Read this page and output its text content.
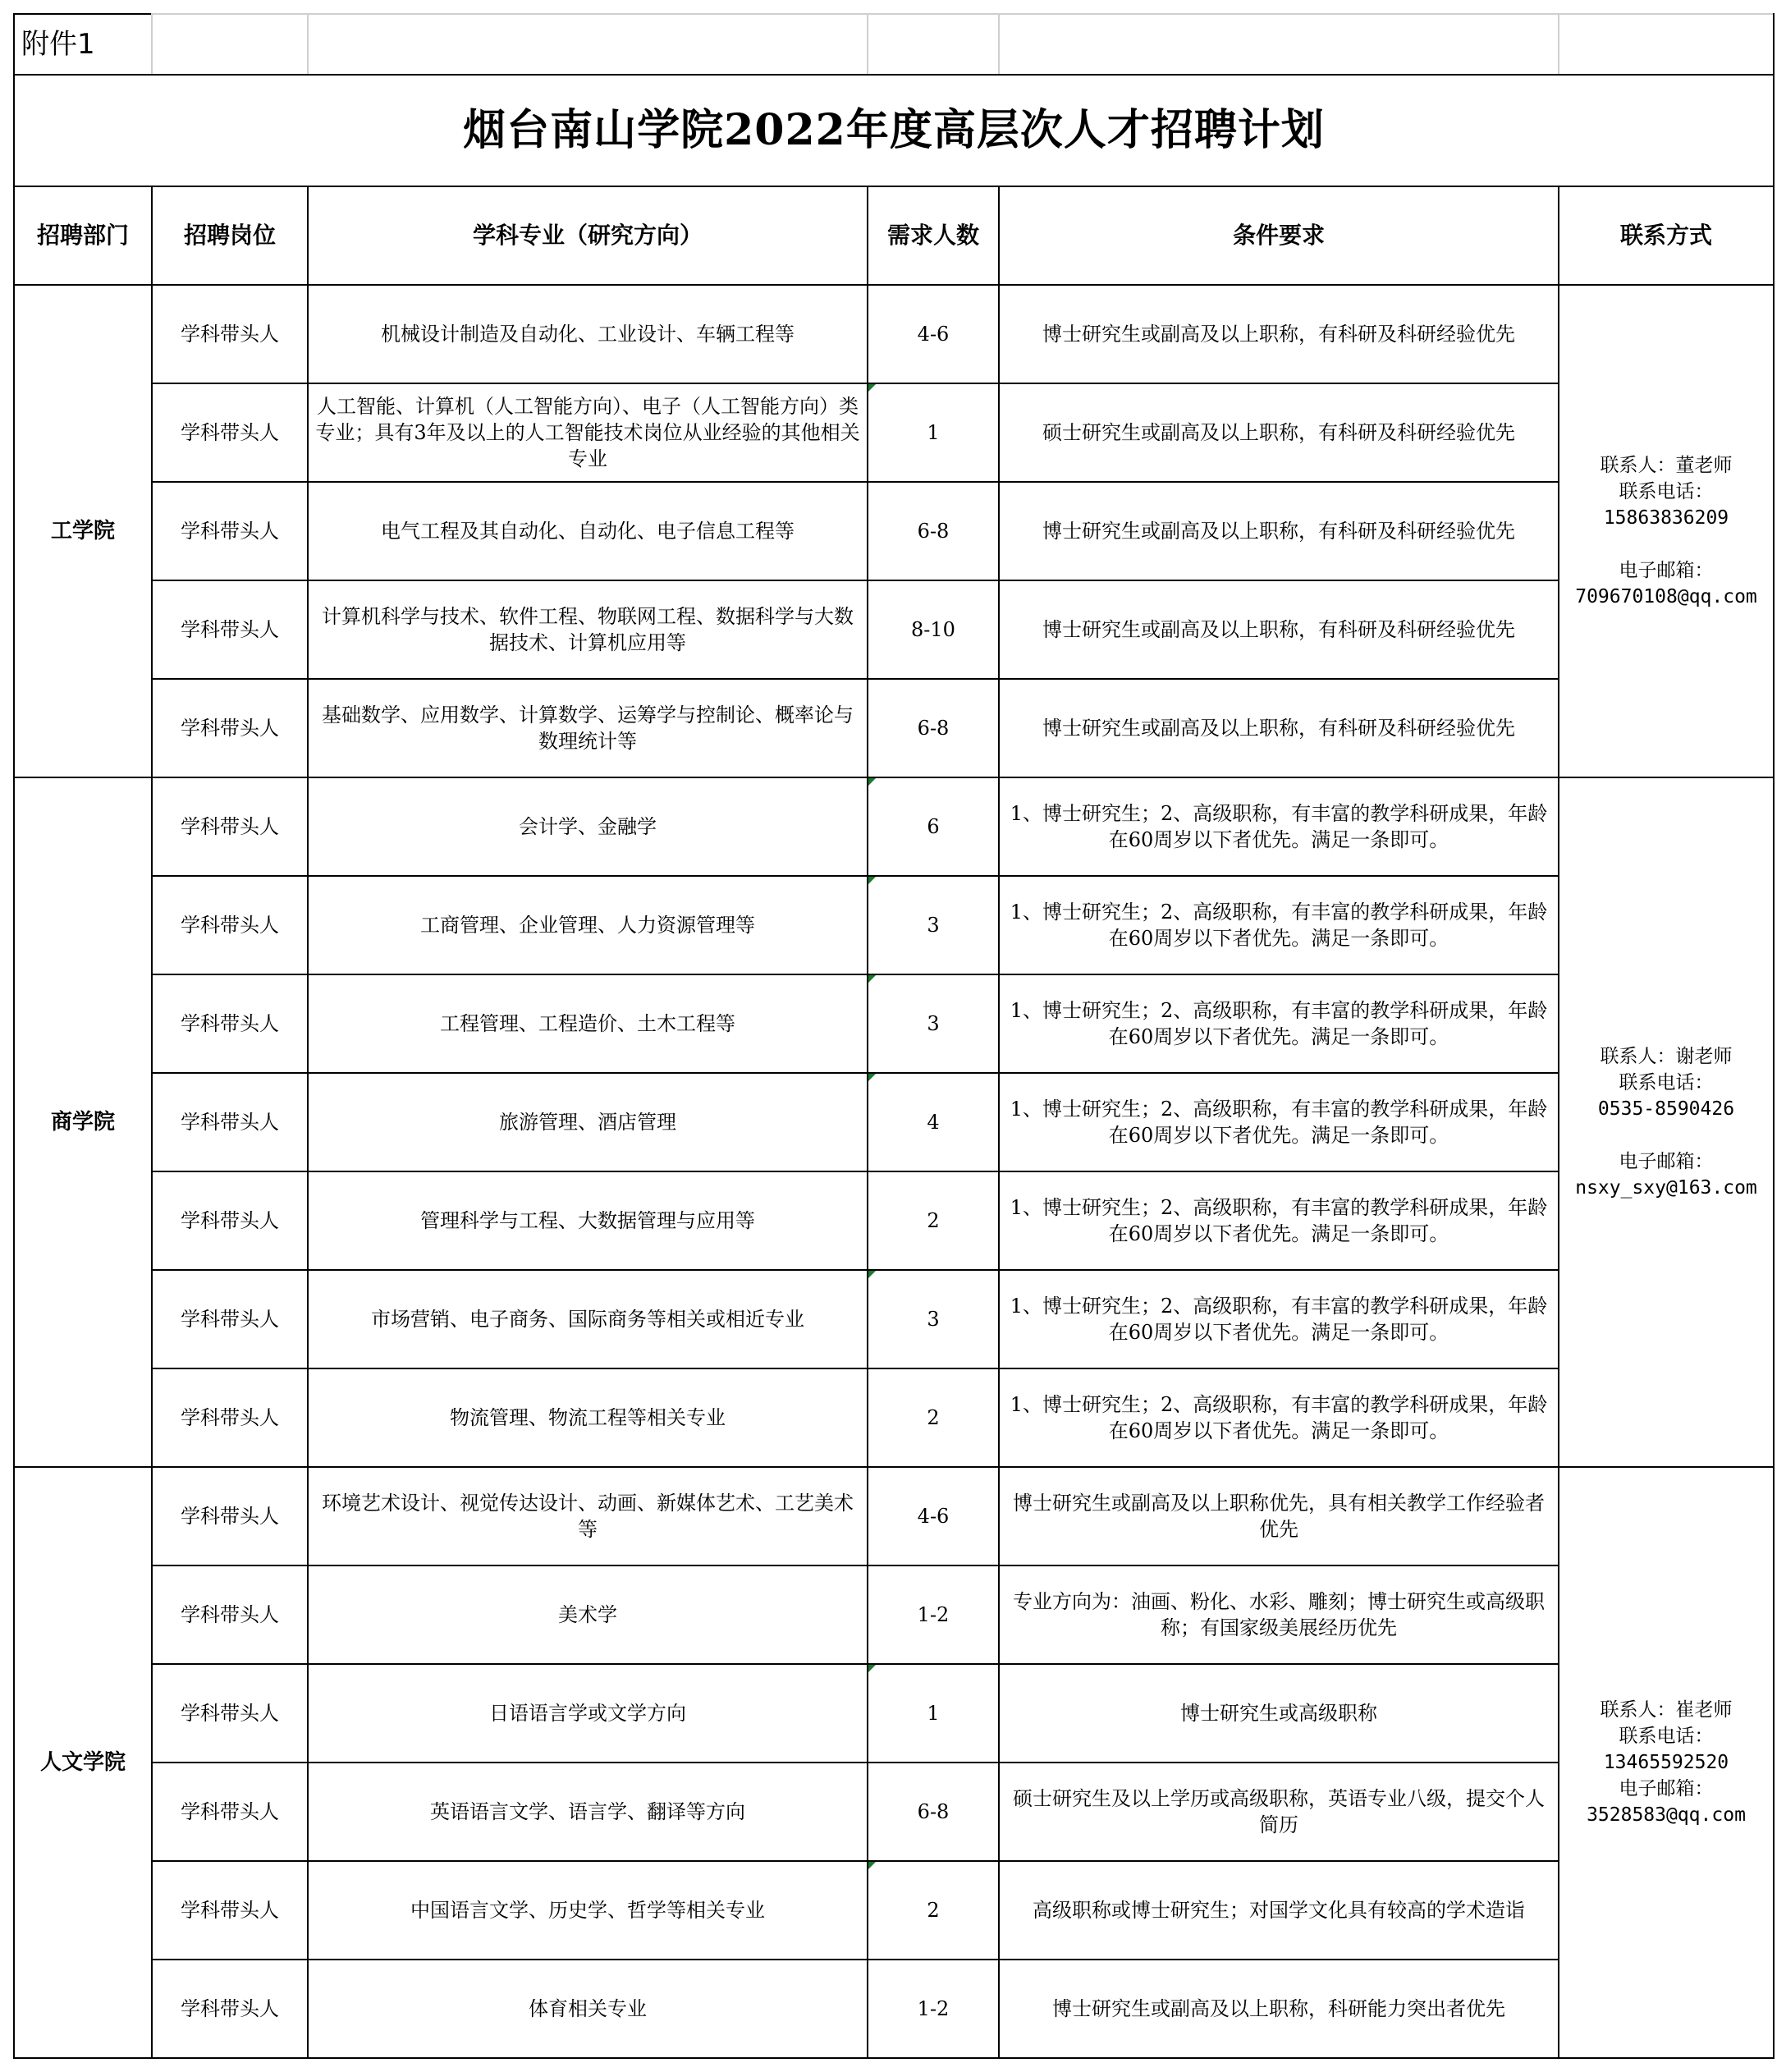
附件1					
烟台南山学院2022年度高层次人才招聘计划					
招聘部门	招聘岗位	学科专业（研究方向）	需求人数	条件要求	联系方式
工学院	学科带头人	机械设计制造及自动化、工业设计、车辆工程等	4-6	博士研究生或副高及以上职称，有科研及科研经验优先	联系人：董老师
联系电话：
15863836209

电子邮箱：
709670108@qq.com
	学科带头人	人工智能、计算机（人工智能方向）、电子（人工智能方向）类专业；具有3年及以上的人工智能技术岗位从业经验的其他相关专业	1	硕士研究生或副高及以上职称，有科研及科研经验优先	
	学科带头人	电气工程及其自动化、自动化、电子信息工程等	6-8	博士研究生或副高及以上职称，有科研及科研经验优先	
	学科带头人	计算机科学与技术、软件工程、物联网工程、数据科学与大数据技术、计算机应用等	8-10	博士研究生或副高及以上职称，有科研及科研经验优先	
	学科带头人	基础数学、应用数学、计算数学、运筹学与控制论、概率论与数理统计等	6-8	博士研究生或副高及以上职称，有科研及科研经验优先	
商学院	学科带头人	会计学、金融学	6	1、博士研究生；2、高级职称，有丰富的教学科研成果，年龄在60周岁以下者优先。满足一条即可。	联系人：谢老师
联系电话：
0535-8590426

电子邮箱：
nsxy_sxy@163.com
	学科带头人	工商管理、企业管理、人力资源管理等	3	1、博士研究生；2、高级职称，有丰富的教学科研成果，年龄在60周岁以下者优先。满足一条即可。	
	学科带头人	工程管理、工程造价、土木工程等	3	1、博士研究生；2、高级职称，有丰富的教学科研成果，年龄在60周岁以下者优先。满足一条即可。	
	学科带头人	旅游管理、酒店管理	4	1、博士研究生；2、高级职称，有丰富的教学科研成果，年龄在60周岁以下者优先。满足一条即可。	
	学科带头人	管理科学与工程、大数据管理与应用等	2	1、博士研究生；2、高级职称，有丰富的教学科研成果，年龄在60周岁以下者优先。满足一条即可。	
	学科带头人	市场营销、电子商务、国际商务等相关或相近专业	3	1、博士研究生；2、高级职称，有丰富的教学科研成果，年龄在60周岁以下者优先。满足一条即可。	
	学科带头人	物流管理、物流工程等相关专业	2	1、博士研究生；2、高级职称，有丰富的教学科研成果，年龄在60周岁以下者优先。满足一条即可。	
人文学院	学科带头人	环境艺术设计、视觉传达设计、动画、新媒体艺术、工艺美术等	4-6	博士研究生或副高及以上职称优先，具有相关教学工作经验者优先	联系人：崔老师
联系电话：
13465592520
电子邮箱：
3528583@qq.com
	学科带头人	美术学	1-2	专业方向为：油画、粉化、水彩、雕刻；博士研究生或高级职称；有国家级美展经历优先	
	学科带头人	日语语言学或文学方向	1	博士研究生或高级职称	
	学科带头人	英语语言文学、语言学、翻译等方向	6-8	硕士研究生及以上学历或高级职称，英语专业八级，提交个人简历	
	学科带头人	中国语言文学、历史学、哲学等相关专业	2	高级职称或博士研究生；对国学文化具有较高的学术造诣	
	学科带头人	体育相关专业	1-2	博士研究生或副高及以上职称，科研能力突出者优先	
